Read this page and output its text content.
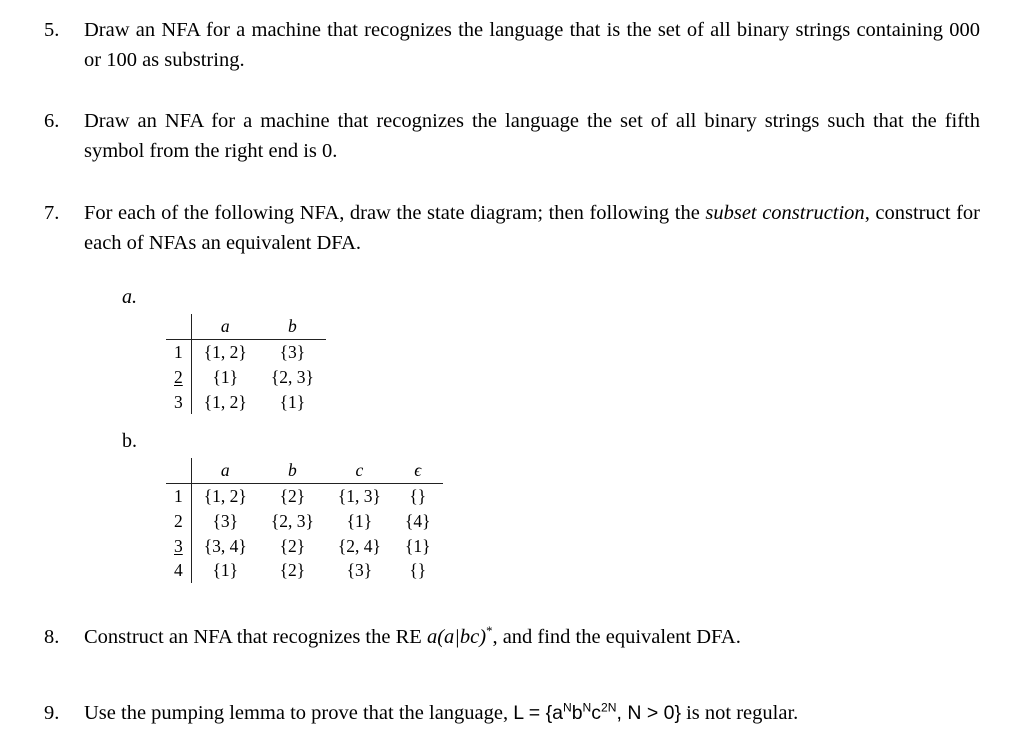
5.	Draw an NFA for a machine that recognizes the language that is the set of all binary strings containing 000 or 100 as substring.
6.	Draw an NFA for a machine that recognizes the language the set of all binary strings such that the fifth symbol from the right end is 0.
7.	For each of the following NFA, draw the state diagram; then following the subset construction, construct for each of NFAs an equivalent DFA.
a.
	a	b
1	{1, 2}	{3}
2	{1}	{2, 3}
3	{1, 2}	{1}
b.
	a	b	c	ϵ
1	{1, 2}	{2}	{1, 3}	{}
2	{3}	{2, 3}	{1}	{4}
3	{3, 4}	{2}	{2, 4}	{1}
4	{1}	{2}	{3}	{}
8.	Construct an NFA that recognizes the RE a(a|bc)*, and find the equivalent DFA.
9.	Use the pumping lemma to prove that the language, $L = \{a^Nb^Nc^{2N}$, N > 0} is not regular.
